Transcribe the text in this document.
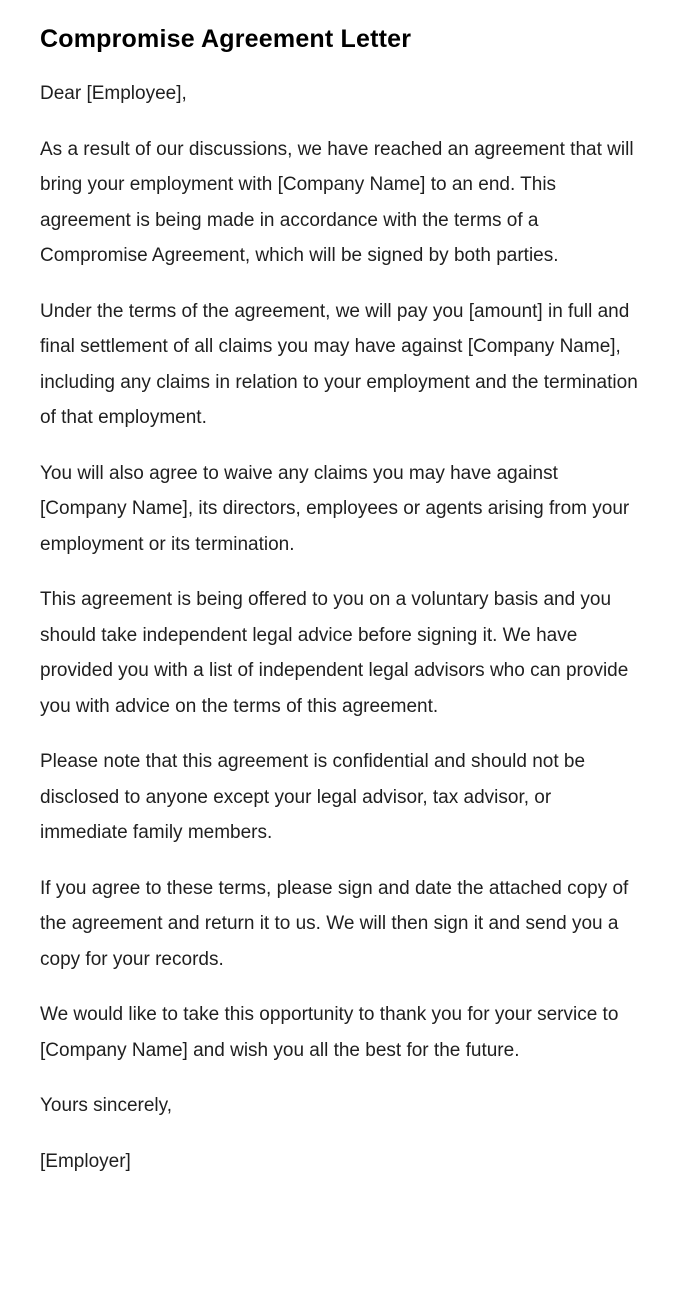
Compromise Agreement Letter

Dear [Employee],

As a result of our discussions, we have reached an agreement that will bring your employment with [Company Name] to an end. This agreement is being made in accordance with the terms of a Compromise Agreement, which will be signed by both parties.

Under the terms of the agreement, we will pay you [amount] in full and final settlement of all claims you may have against [Company Name], including any claims in relation to your employment and the termination of that employment.

You will also agree to waive any claims you may have against [Company Name], its directors, employees or agents arising from your employment or its termination.

This agreement is being offered to you on a voluntary basis and you should take independent legal advice before signing it. We have provided you with a list of independent legal advisors who can provide you with advice on the terms of this agreement.

Please note that this agreement is confidential and should not be disclosed to anyone except your legal advisor, tax advisor, or immediate family members.

If you agree to these terms, please sign and date the attached copy of the agreement and return it to us. We will then sign it and send you a copy for your records.

We would like to take this opportunity to thank you for your service to [Company Name] and wish you all the best for the future.

Yours sincerely,

[Employer]
